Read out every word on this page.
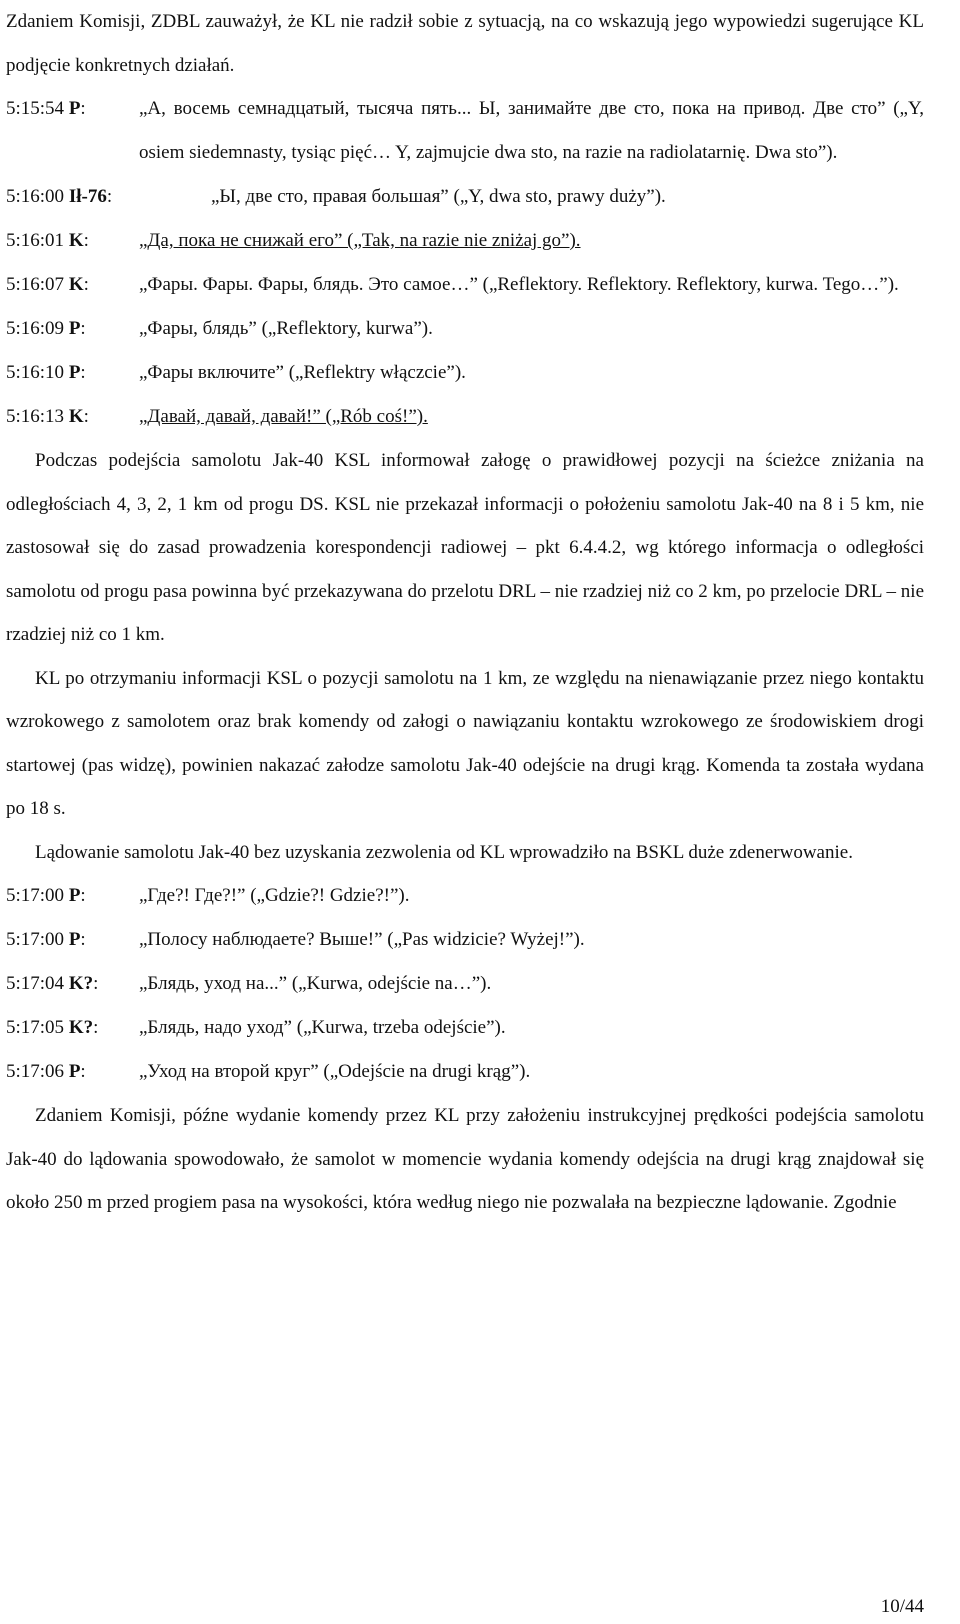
Zdaniem Komisji, ZDBL zauważył, że KL nie radził sobie z sytuacją, na co wskazują jego wypowiedzi sugerujące KL podjęcie konkretnych działań.

5:15:54 P:	„А, восемь семнадцатый, тысяча пять... Ы, занимайте две сто, пока на привод. Две сто” („Y, osiem siedemnasty, tysiąc pięć… Y, zajmujcie dwa sto, na razie na radiolatarnię. Dwa sto”).
5:16:00 Ił-76:	„Ы, две сто, правая большая” („Y, dwa sto, prawy duży”).
5:16:01 K:	„Да, пока не снижай его” („Tak, na razie nie zniżaj go”).
5:16:07 K:	„Фары. Фары. Фары, блядь. Это самое…” („Reflektory. Reflektory. Reflektory, kurwa. Tego…”).
5:16:09 P:	„Фары, блядь” („Reflektory, kurwa”).
5:16:10 P:	„Фары включите” („Reflektry włączcie”).
5:16:13 K:	„Давай, давай, давай!” („Rób coś!”).

Podczas podejścia samolotu Jak-40 KSL informował załogę o prawidłowej pozycji na ścieżce zniżania na odległościach 4, 3, 2, 1 km od progu DS. KSL nie przekazał informacji o położeniu samolotu Jak-40 na 8 i 5 km, nie zastosował się do zasad prowadzenia korespondencji radiowej – pkt 6.4.4.2, wg którego informacja o odległości samolotu od progu pasa powinna być przekazywana do przelotu DRL – nie rzadziej niż co 2 km, po przelocie DRL – nie rzadziej niż co 1 km.

KL po otrzymaniu informacji KSL o pozycji samolotu na 1 km, ze względu na nienawiązanie przez niego kontaktu wzrokowego z samolotem oraz brak komendy od załogi o nawiązaniu kontaktu wzrokowego ze środowiskiem drogi startowej (pas widzę), powinien nakazać załodze samolotu Jak-40 odejście na drugi krąg. Komenda ta została wydana po 18 s.

Lądowanie samolotu Jak-40 bez uzyskania zezwolenia od KL wprowadziło na BSKL duże zdenerwowanie.

5:17:00 P:	„Где?! Где?!” („Gdzie?! Gdzie?!”).
5:17:00 P:	„Полосу наблюдаете? Выше!” („Pas widzicie? Wyżej!”).
5:17:04 K?: „Блядь, уход на...” („Kurwa, odejście na…”).
5:17:05 K?: „Блядь, надо уход” („Kurwa, trzeba odejście”).
5:17:06 P:	„Уход на второй круг” („Odejście na drugi krąg”).

Zdaniem Komisji, późne wydanie komendy przez KL przy założeniu instrukcyjnej prędkości podejścia samolotu Jak-40 do lądowania spowodowało, że samolot w momencie wydania komendy odejścia na drugi krąg znajdował się około 250 m przed progiem pasa na wysokości, która według niego nie pozwalała na bezpieczne lądowanie. Zgodnie

10/44
